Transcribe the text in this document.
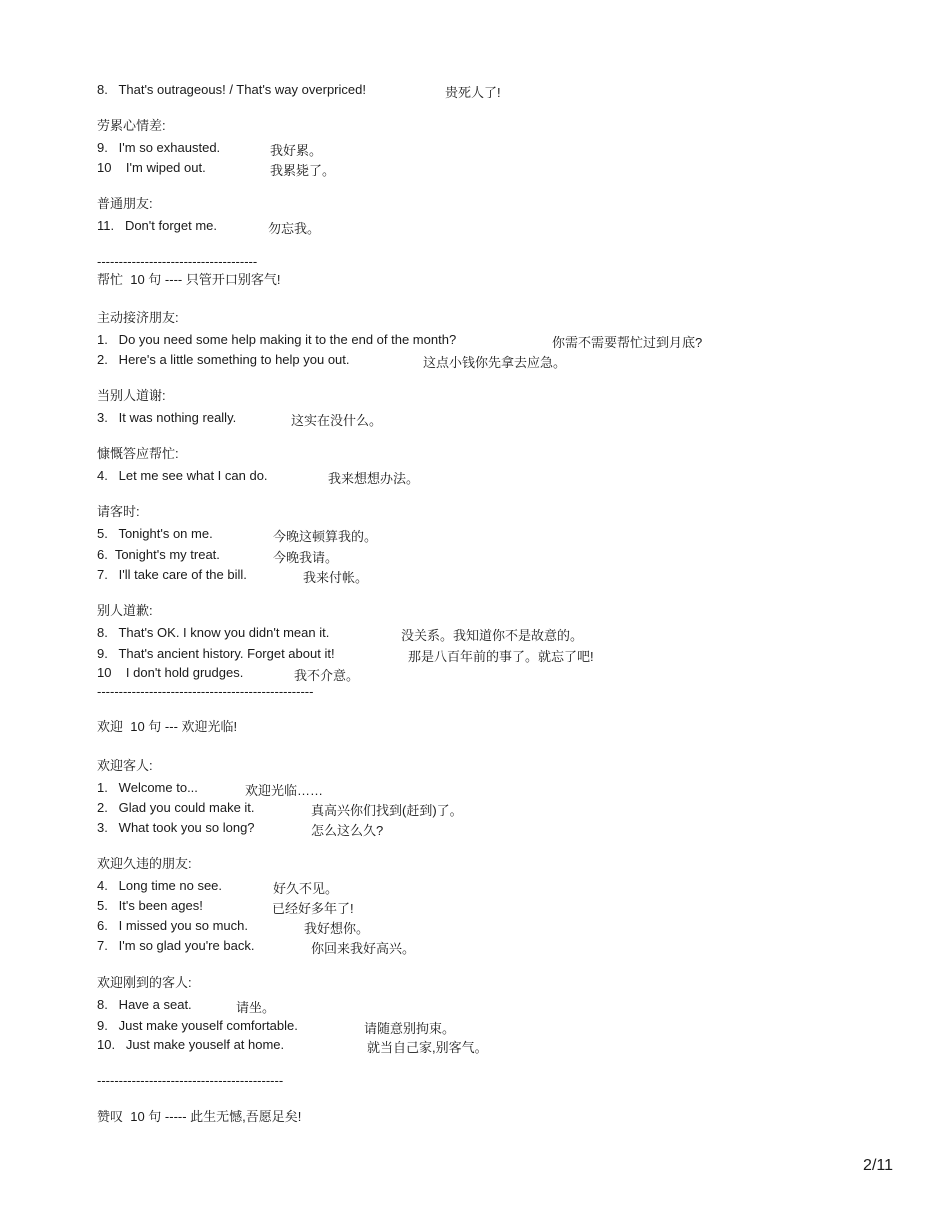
8.   That's outrageous! / That's way overpriced!	贵死人了!
劳累心情差:
9.   I'm so exhausted.	我好累。
10    I'm wiped out.	我累毙了。
普通朋友:
11.   Don't forget me.	勿忘我。
-------------------------------------
帮忙  10 句 ---- 只管开口别客气!
主动接济朋友:
1.   Do you need some help making it to the end of the month?	你需不需要帮忙过到月底?
2.   Here's a little something to help you out.	这点小钱你先拿去应急。
当别人道谢:
3.   It was nothing really.	这实在没什么。
慷慨答应帮忙:
4.   Let me see what I can do.	我来想想办法。
请客时:
5.   Tonight's on me.	今晚这顿算我的。
6.  Tonight's my treat.	今晚我请。
7.   I'll take care of the bill.	我来付帐。
别人道歉:
8.   That's OK. I know you didn't mean it.	没关系。我知道你不是故意的。
9.   That's ancient history. Forget about it!	那是八百年前的事了。就忘了吧!
10    I don't hold grudges.	我不介意。
--------------------------------------------------
欢迎  10 句 --- 欢迎光临!
欢迎客人:
1.   Welcome to...	欢迎光临……
2.   Glad you could make it.	真高兴你们找到(赶到)了。
3.   What took you so long?	怎么这么久?
欢迎久违的朋友:
4.   Long time no see.	好久不见。
5.   It's been ages!	已经好多年了!
6.   I missed you so much.	我好想你。
7.   I'm so glad you're back.	你回来我好高兴。
欢迎刚到的客人:
8.   Have a seat.	请坐。
9.   Just make youself comfortable.	请随意别拘束。
10.   Just make youself at home.	就当自己家,别客气。
-------------------------------------------
赞叹  10 句 ----- 此生无憾,吾愿足矣!
2/11
